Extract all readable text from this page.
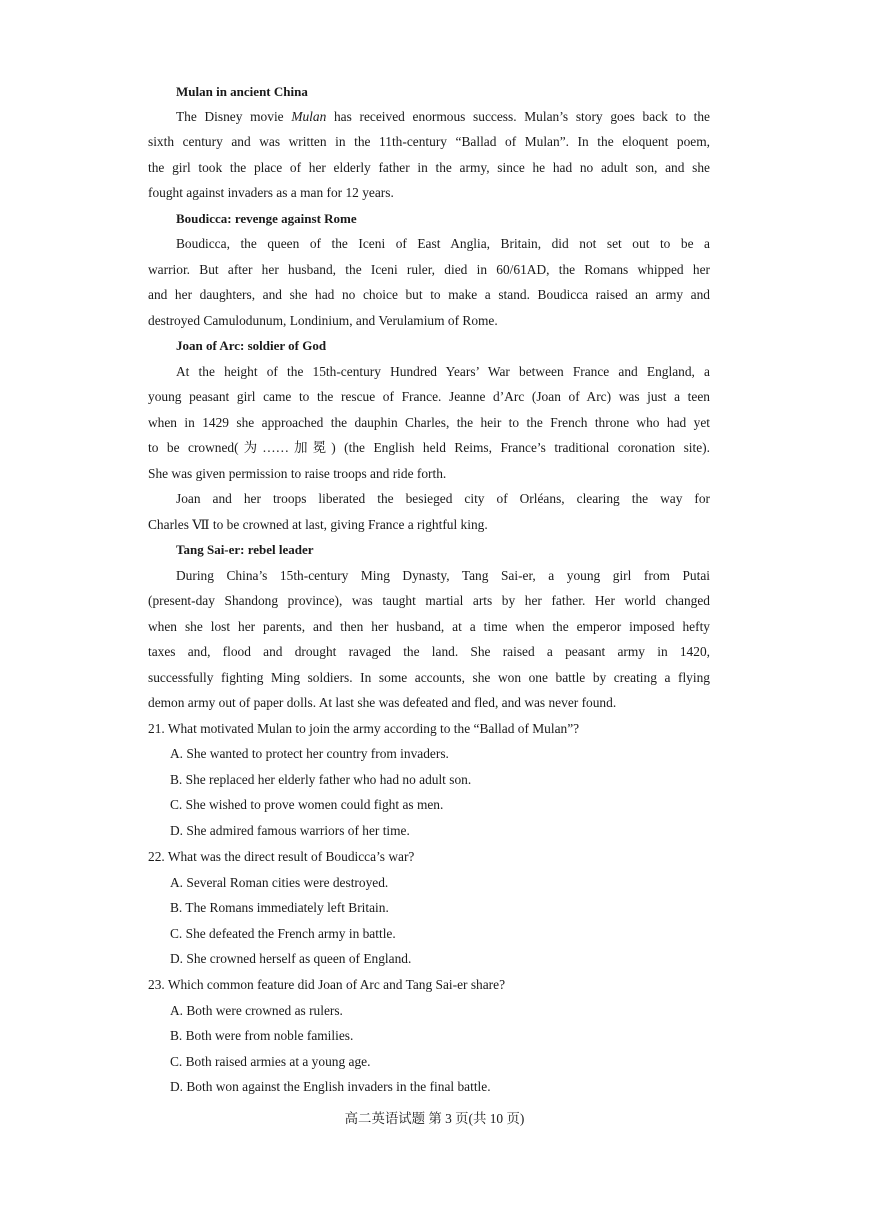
Mulan in ancient China
The Disney movie Mulan has received enormous success. Mulan’s story goes back to the
sixth century and was written in the 11th-century “Ballad of Mulan”. In the eloquent poem,
the girl took the place of her elderly father in the army, since he had no adult son, and she
fought against invaders as a man for 12 years.
Boudicca: revenge against Rome
Boudicca, the queen of the Iceni of East Anglia, Britain, did not set out to be a
warrior. But after her husband, the Iceni ruler, died in 60/61AD, the Romans whipped her
and her daughters, and she had no choice but to make a stand. Boudicca raised an army and
destroyed Camulodunum, Londinium, and Verulamium of Rome.
Joan of Arc: soldier of God
At the height of the 15th-century Hundred Years’ War between France and England, a
young peasant girl came to the rescue of France. Jeanne d’Arc (Joan of Arc) was just a teen
when in 1429 she approached the dauphin Charles, the heir to the French throne who had yet
to be crowned(为……加冕) (the English held Reims, France’s traditional coronation site).
She was given permission to raise troops and ride forth.
Joan and her troops liberated the besieged city of Orléans, clearing the way for
Charles Ⅶ to be crowned at last, giving France a rightful king.
Tang Sai-er: rebel leader
During China’s 15th-century Ming Dynasty, Tang Sai-er, a young girl from Putai
(present-day Shandong province), was taught martial arts by her father. Her world changed
when she lost her parents, and then her husband, at a time when the emperor imposed hefty
taxes and, flood and drought ravaged the land. She raised a peasant army in 1420,
successfully fighting Ming soldiers. In some accounts, she won one battle by creating a flying
demon army out of paper dolls. At last she was defeated and fled, and was never found.
21. What motivated Mulan to join the army according to the “Ballad of Mulan”?
A. She wanted to protect her country from invaders.
B. She replaced her elderly father who had no adult son.
C. She wished to prove women could fight as men.
D. She admired famous warriors of her time.
22. What was the direct result of Boudicca’s war?
A. Several Roman cities were destroyed.
B. The Romans immediately left Britain.
C. She defeated the French army in battle.
D. She crowned herself as queen of England.
23. Which common feature did Joan of Arc and Tang Sai-er share?
A. Both were crowned as rulers.
B. Both were from noble families.
C. Both raised armies at a young age.
D. Both won against the English invaders in the final battle.
高二英语试题 第 3 页(共 10 页)
